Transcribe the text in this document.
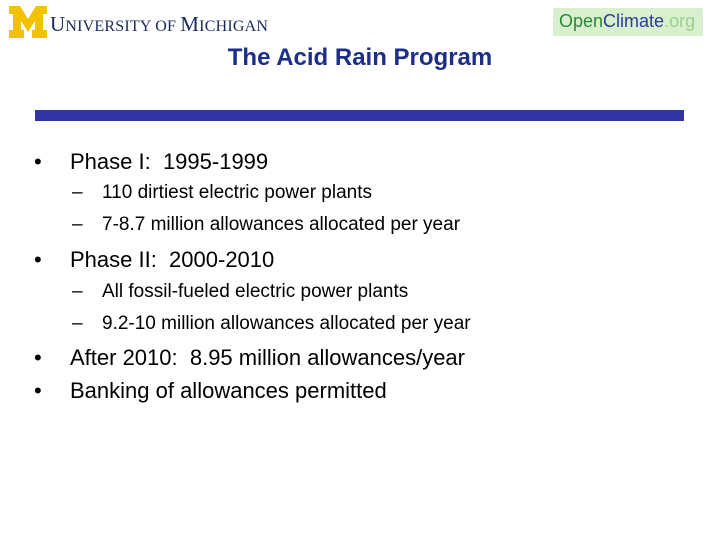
UNIVERSITY OF MICHIGAN	OpenClimate.org
The Acid Rain Program
• Phase I:  1995-1999
– 110 dirtiest electric power plants
– 7-8.7 million allowances allocated per year
• Phase II:  2000-2010
– All fossil-fueled electric power plants
– 9.2-10 million allowances allocated per year
• After 2010:  8.95 million allowances/year
• Banking of allowances permitted
